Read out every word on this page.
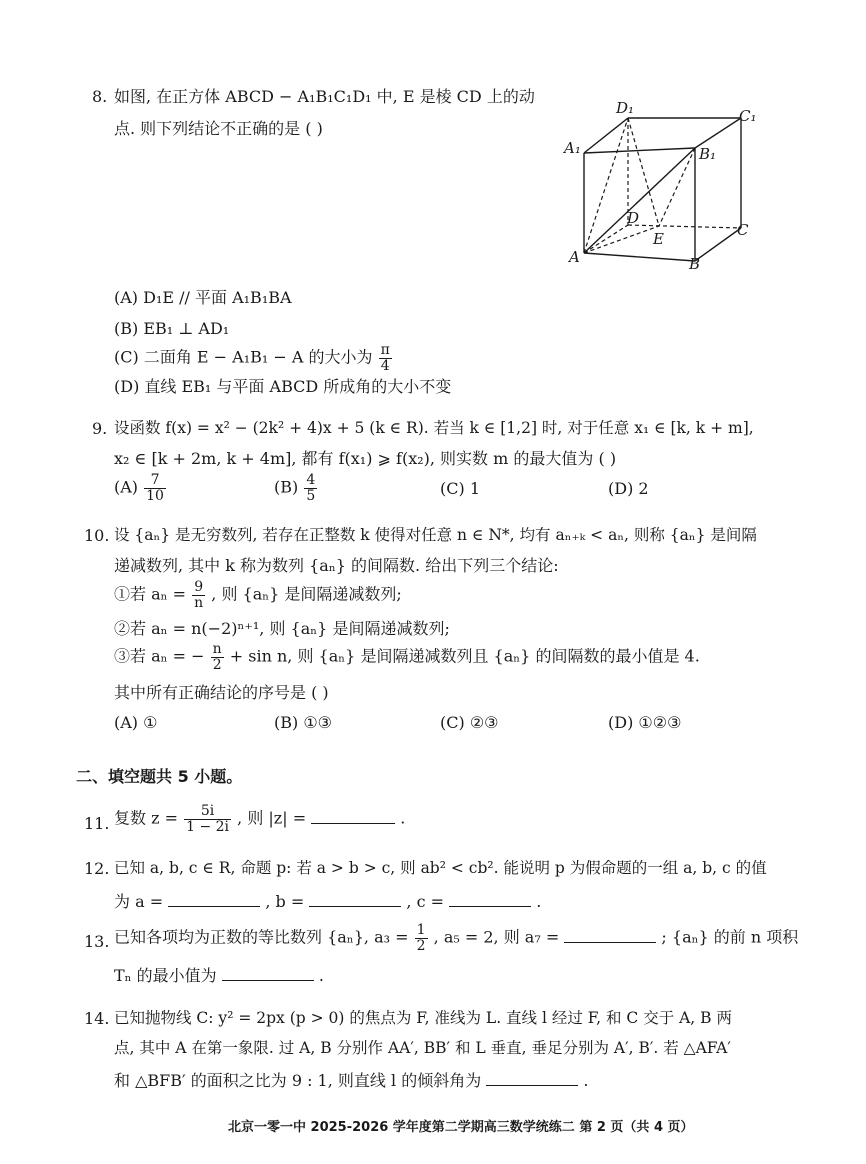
8. 如图, 在正方体 ABCD − A₁B₁C₁D₁ 中, E 是棱 CD 上的动
点. 则下列结论不正确的是 ( )
D₁	C₁
A₁	B₁
D
E	C
A	B
(A) D₁E // 平面 A₁B₁BA
(B) EB₁ ⊥ AD₁
(C) 二面角 E − A₁B₁ − A 的大小为 $\frac{\pi}{4}$
(D) 直线 EB₁ 与平面 ABCD 所成角的大小不变
9. 设函数 f(x) = x² − (2k² + 4)x + 5 (k ∈ R). 若当 k ∈ [1,2] 时, 对于任意 x₁ ∈ [k, k + m],
x₂ ∈ [k + 2m, k + 4m], 都有 f(x₁) ⩾ f(x₂), 则实数 m 的最大值为 ( )
$(A) \frac{7}{10}$	$(B) \frac{4}{5}$	(C) 1	(D) 2
10. 设 {aₙ} 是无穷数列, 若存在正整数 k 使得对任意 n ∈ N*, 均有 aₙ₊ₖ < aₙ, 则称 {aₙ} 是间隔
递减数列, 其中 k 称为数列 {aₙ} 的间隔数. 给出下列三个结论:
①若 $a_n = \frac{9}{n}$ , 则 {aₙ} 是间隔递减数列;
②若 aₙ = n(−2)ⁿ⁺¹, 则 {aₙ} 是间隔递减数列;
③若 aₙ = − $\frac{n}{2} + \sin n$, 则 {aₙ} 是间隔递减数列且 {aₙ} 的间隔数的最小值是 4.
其中所有正确结论的序号是 ( )
(A) ①	(B) ①③	(C) ②③	(D) ①②③
二、填空题共 5 小题。
11. 复数 $z = \frac{5i}{1 - 2i}$ , 则 |z| =	.
12. 已知 a, b, c ∈ R, 命题 p: 若 a > b > c, 则 ab² < cb². 能说明 p 为假命题的一组 a, b, c 的值
为 a =	, b =	, c =	.
13. 已知各项均为正数的等比数列 {aₙ}, $a_3 = \frac{1}{2}$ , a₅ = 2, 则 a₇ =	; {aₙ} 的前 n 项积
Tₙ 的最小值为	.
14. 已知抛物线 C: y² = 2px (p > 0) 的焦点为 F, 准线为 L. 直线 l 经过 F, 和 C 交于 A, B 两
点, 其中 A 在第一象限. 过 A, B 分别作 AA′, BB′ 和 L 垂直, 垂足分别为 A′, B′. 若 △AFA′
和 △BFB′ 的面积之比为 9 : 1, 则直线 l 的倾斜角为	.
北京一零一中 2025-2026 学年度第二学期高三数学统练二 第 2 页（共 4 页）
